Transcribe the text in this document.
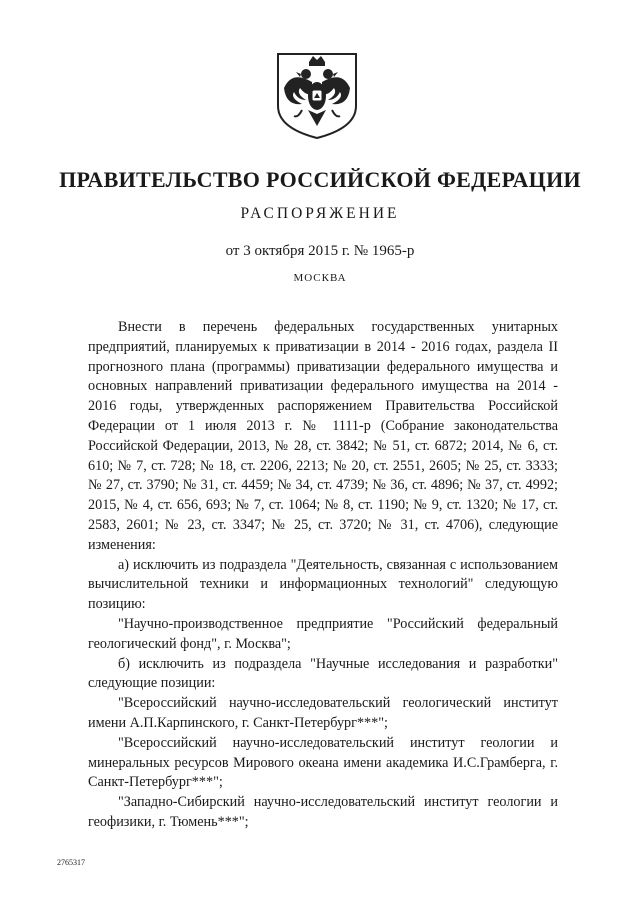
ПРАВИТЕЛЬСТВО РОССИЙСКОЙ ФЕДЕРАЦИИ
РАСПОРЯЖЕНИЕ
от 3 октября 2015 г. № 1965-р
МОСКВА

Внести в перечень федеральных государственных унитарных предприятий, планируемых к приватизации в 2014 - 2016 годах, раздела II прогнозного плана (программы) приватизации федерального имущества и основных направлений приватизации федерального имущества на 2014 - 2016 годы, утвержденных распоряжением Правительства Российской Федерации от 1 июля 2013 г. № 1111-р (Собрание законодательства Российской Федерации, 2013, № 28, ст. 3842; № 51, ст. 6872; 2014, № 6, ст. 610; № 7, ст. 728; № 18, ст. 2206, 2213; № 20, ст. 2551, 2605; № 25, ст. 3333; № 27, ст. 3790; № 31, ст. 4459; № 34, ст. 4739; № 36, ст. 4896; № 37, ст. 4992; 2015, № 4, ст. 656, 693; № 7, ст. 1064; № 8, ст. 1190; № 9, ст. 1320; № 17, ст. 2583, 2601; № 23, ст. 3347; № 25, ст. 3720; № 31, ст. 4706), следующие изменения:

а) исключить из подраздела "Деятельность, связанная с использованием вычислительной техники и информационных технологий" следующую позицию:

"Научно-производственное предприятие "Российский федеральный геологический фонд", г. Москва";

б) исключить из подраздела "Научные исследования и разработки" следующие позиции:

"Всероссийский научно-исследовательский геологический институт имени А.П.Карпинского, г. Санкт-Петербург***";

"Всероссийский научно-исследовательский институт геологии и минеральных ресурсов Мирового океана имени академика И.С.Грамберга, г. Санкт-Петербург***";

"Западно-Сибирский научно-исследовательский институт геологии и геофизики, г. Тюмень***";

2765317
